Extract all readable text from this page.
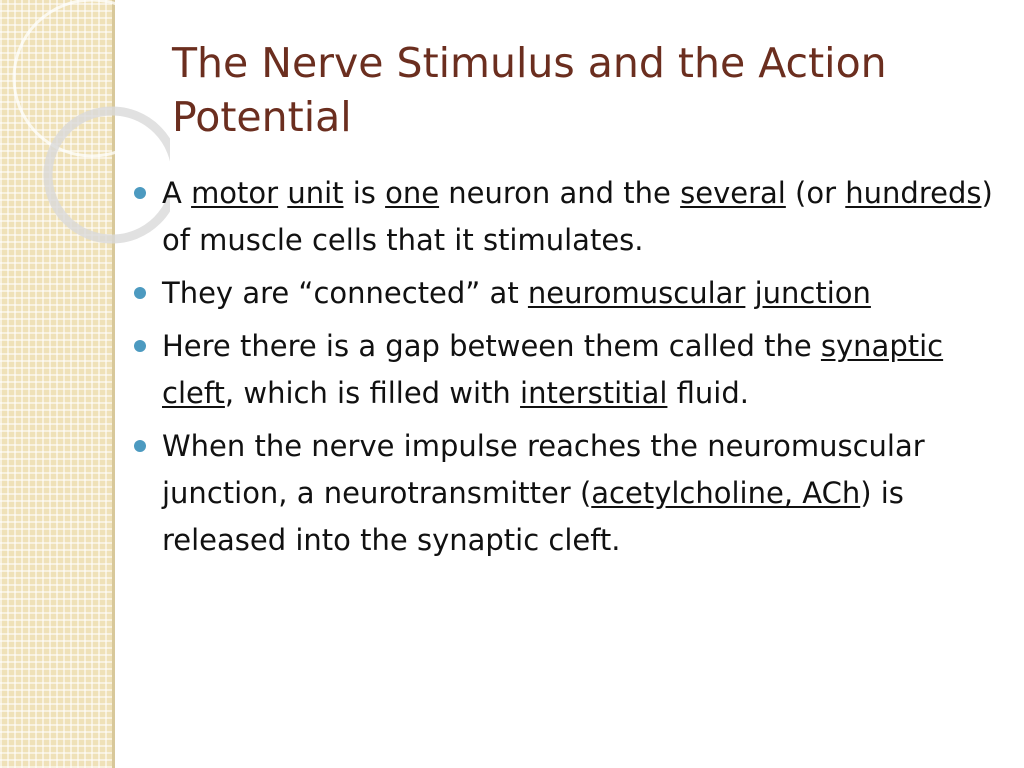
The Nerve Stimulus and the Action Potential
A motor unit is one neuron and the several (or hundreds) of muscle cells that it stimulates.
They are “connected” at neuromuscular junction
Here there is a gap between them called the synaptic cleft, which is filled with interstitial fluid.
When the nerve impulse reaches the neuromuscular junction, a neurotransmitter (acetylcholine, ACh) is released into the synaptic cleft.
